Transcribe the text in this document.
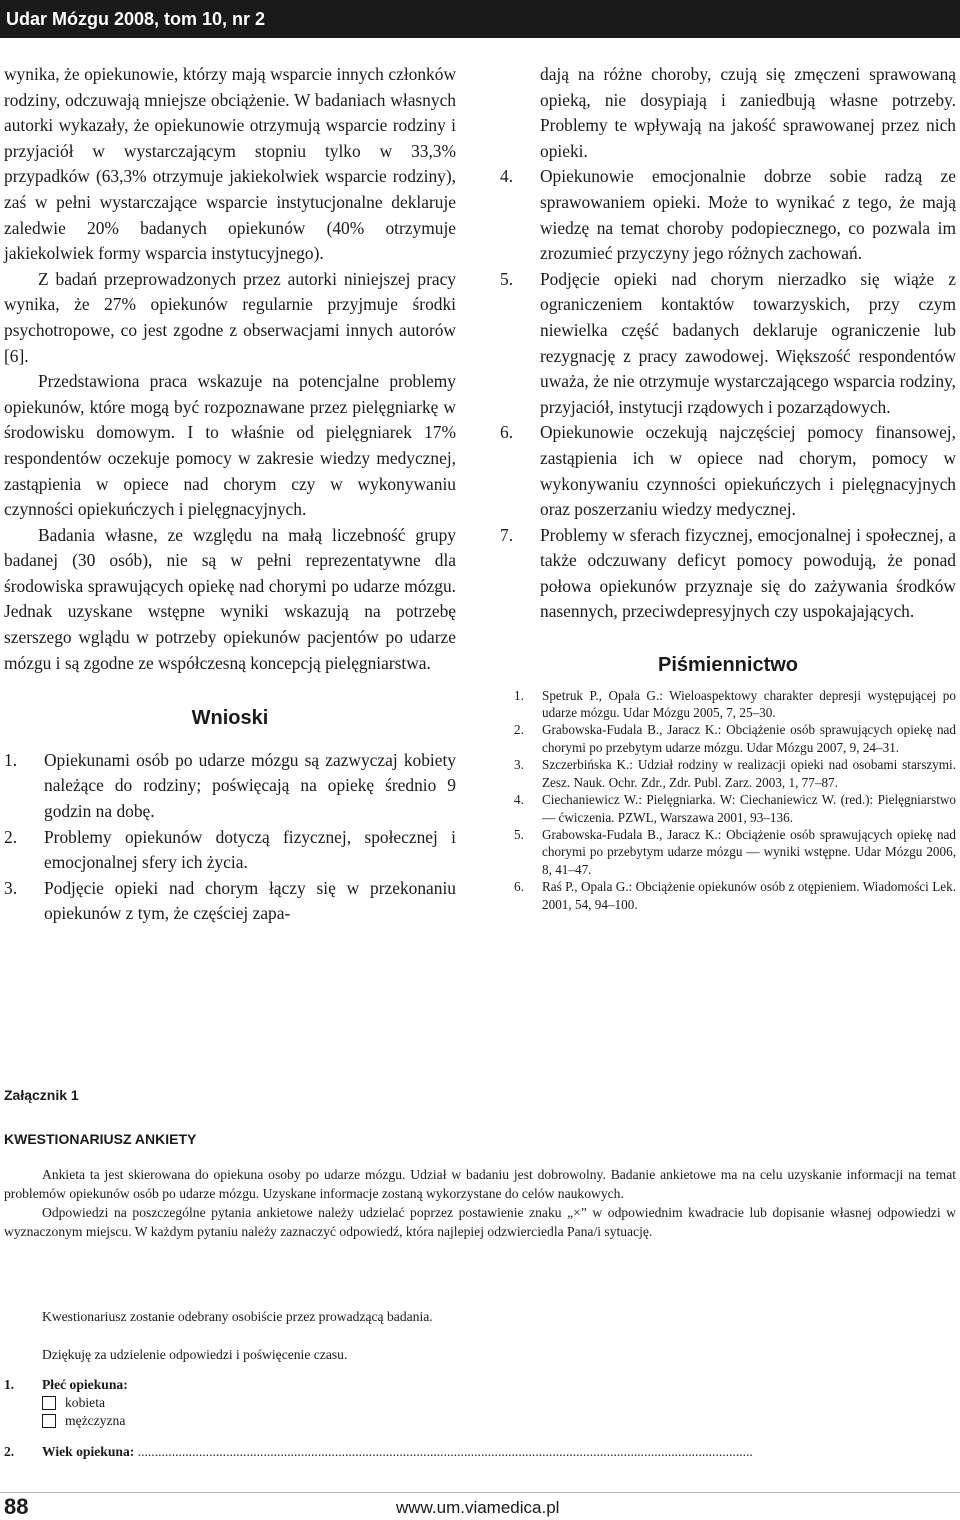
Udar Mózgu 2008, tom 10, nr 2

wynika, że opiekunowie, którzy mają wsparcie innych członków rodziny, odczuwają mniejsze obciążenie. W badaniach własnych autorki wykazały, że opiekunowie otrzymują wsparcie rodziny i przyjaciół w wystarczającym stopniu tylko w 33,3% przypadków (63,3% otrzymuje jakiekolwiek wsparcie rodziny), zaś w pełni wystarczające wsparcie instytucjonalne deklaruje zaledwie 20% badanych opiekunów (40% otrzymuje jakiekolwiek formy wsparcia instytucyjnego).

Z badań przeprowadzonych przez autorki niniejszej pracy wynika, że 27% opiekunów regularnie przyjmuje środki psychotropowe, co jest zgodne z obserwacjami innych autorów [6].

Przedstawiona praca wskazuje na potencjalne problemy opiekunów, które mogą być rozpoznawane przez pielęgniarkę w środowisku domowym. I to właśnie od pielęgniarek 17% respondentów oczekuje pomocy w zakresie wiedzy medycznej, zastąpienia w opiece nad chorym czy w wykonywaniu czynności opiekuńczych i pielęgnacyjnych.

Badania własne, ze względu na małą liczebność grupy badanej (30 osób), nie są w pełni reprezentatywne dla środowiska sprawujących opiekę nad chorymi po udarze mózgu. Jednak uzyskane wstępne wyniki wskazują na potrzebę szerszego wglądu w potrzeby opiekunów pacjentów po udarze mózgu i są zgodne ze współczesną koncepcją pielęgniarstwa.

Wnioski
1.	Opiekunami osób po udarze mózgu są zazwyczaj kobiety należące do rodziny; poświęcają na opiekę średnio 9 godzin na dobę.
2.	Problemy opiekunów dotyczą fizycznej, społecznej i emocjonalnej sfery ich życia.
3.	Podjęcie opieki nad chorym łączy się w przekonaniu opiekunów z tym, że częściej zapa-

dają na różne choroby, czują się zmęczeni sprawowaną opieką, nie dosypiają i zaniedbują własne potrzeby. Problemy te wpływają na jakość sprawowanej przez nich opieki.

4.	Opiekunowie emocjonalnie dobrze sobie radzą ze sprawowaniem opieki. Może to wynikać z tego, że mają wiedzę na temat choroby podopiecznego, co pozwala im zrozumieć przyczyny jego różnych zachowań.
5.	Podjęcie opieki nad chorym nierzadko się wiąże z ograniczeniem kontaktów towarzyskich, przy czym niewielka część badanych deklaruje ograniczenie lub rezygnację z pracy zawodowej. Większość respondentów uważa, że nie otrzymuje wystarczającego wsparcia rodziny, przyjaciół, instytucji rządowych i pozarządowych.
6.	Opiekunowie oczekują najczęściej pomocy finansowej, zastąpienia ich w opiece nad chorym, pomocy w wykonywaniu czynności opiekuńczych i pielęgnacyjnych oraz poszerzaniu wiedzy medycznej.
7.	Problemy w sferach fizycznej, emocjonalnej i społecznej, a także odczuwany deficyt pomocy powodują, że ponad połowa opiekunów przyznaje się do zażywania środków nasennych, przeciwdepresyjnych czy uspokajających.
Piśmiennictwo
1.	Spetruk P., Opala G.: Wieloaspektowy charakter depresji występującej po udarze mózgu. Udar Mózgu 2005, 7, 25–30.
2.	Grabowska-Fudala B., Jaracz K.: Obciążenie osób sprawujących opiekę nad chorymi po przebytym udarze mózgu. Udar Mózgu 2007, 9, 24–31.
3.	Szczerbińska K.: Udział rodziny w realizacji opieki nad osobami starszymi. Zesz. Nauk. Ochr. Zdr., Zdr. Publ. Zarz. 2003, 1, 77–87.
4.	Ciechaniewicz W.: Pielęgniarka. W: Ciechaniewicz W. (red.): Pielęgniarstwo — ćwiczenia. PZWL, Warszawa 2001, 93–136.
5.	Grabowska-Fudala B., Jaracz K.: Obciążenie osób sprawujących opiekę nad chorymi po przebytym udarze mózgu — wyniki wstępne. Udar Mózgu 2006, 8, 41–47.
6.	Raś P., Opala G.: Obciążenie opiekunów osób z otępieniem. Wiadomości Lek. 2001, 54, 94–100.
Załącznik 1
KWESTIONARIUSZ ANKIETY

Ankieta ta jest skierowana do opiekuna osoby po udarze mózgu. Udział w badaniu jest dobrowolny. Badanie ankietowe ma na celu uzyskanie informacji na temat problemów opiekunów osób po udarze mózgu. Uzyskane informacje zostaną wykorzystane do celów naukowych.

Odpowiedzi na poszczególne pytania ankietowe należy udzielać poprzez postawienie znaku „×” w odpowiednim kwadracie lub dopisanie własnej odpowiedzi w wyznaczonym miejscu. W każdym pytaniu należy zaznaczyć odpowiedź, która najlepiej odzwierciedla Pana/i sytuację.

Kwestionariusz zostanie odebrany osobiście przez prowadzącą badania.
Dziękuję za udzielenie odpowiedzi i poświęcenie czasu.
1. Płeć opiekuna:
kobieta
mężczyzna
2. Wiek opiekuna: .....................................................................................................................................................................................
88	www.um.viamedica.pl
